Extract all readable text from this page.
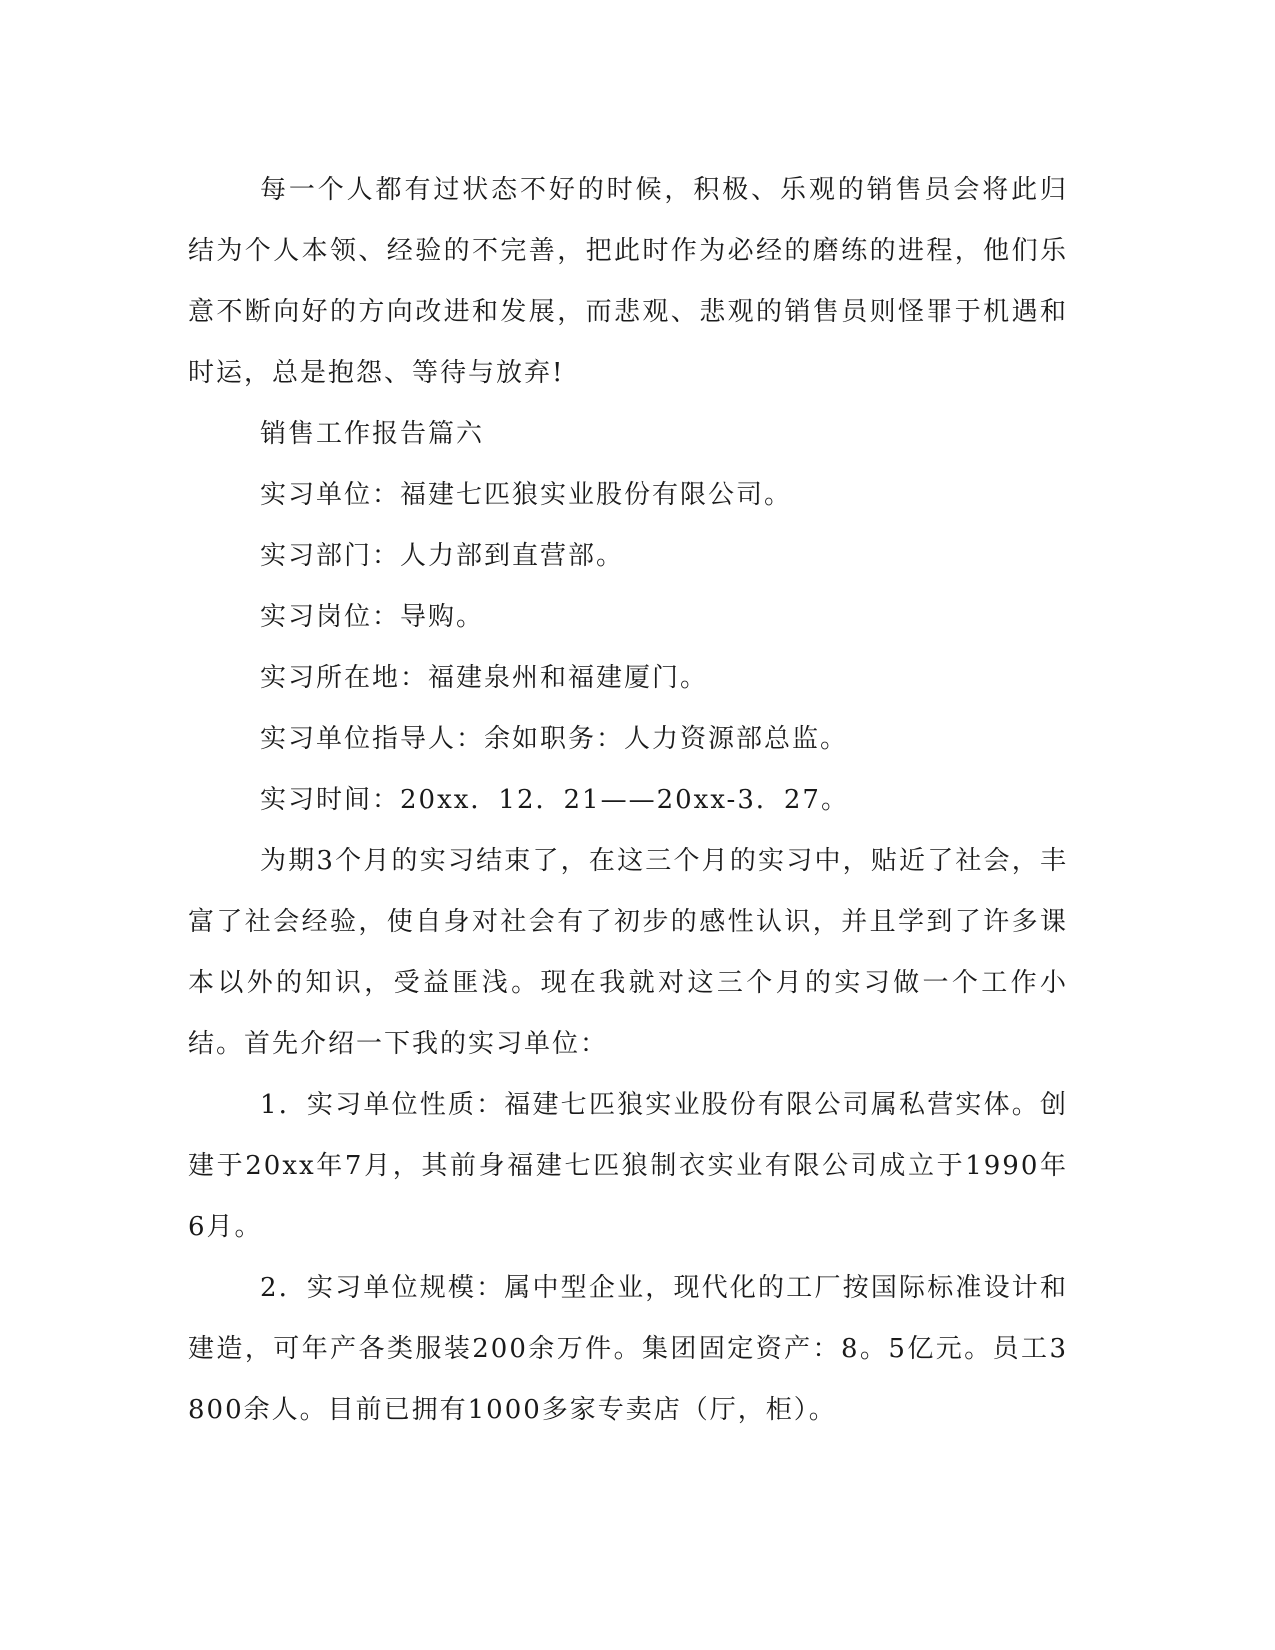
每一个人都有过状态不好的时候，积极、乐观的销售员会将此归结为个人本领、经验的不完善，把此时作为必经的磨练的进程，他们乐意不断向好的方向改进和发展，而悲观、悲观的销售员则怪罪于机遇和时运，总是抱怨、等待与放弃!

销售工作报告篇六

实习单位：福建七匹狼实业股份有限公司。

实习部门：人力部到直营部。

实习岗位：导购。

实习所在地：福建泉州和福建厦门。

实习单位指导人：余如职务：人力资源部总监。

实习时间：20xx．12．21——20xx-3．27。

为期3个月的实习结束了，在这三个月的实习中，贴近了社会，丰富了社会经验，使自身对社会有了初步的感性认识，并且学到了许多课本以外的知识，受益匪浅。现在我就对这三个月的实习做一个工作小结。首先介绍一下我的实习单位：

1．实习单位性质：福建七匹狼实业股份有限公司属私营实体。创建于20xx年7月，其前身福建七匹狼制衣实业有限公司成立于1990年6月。

2．实习单位规模：属中型企业，现代化的工厂按国际标准设计和建造，可年产各类服装200余万件。集团固定资产：8。5亿元。员工3800余人。目前已拥有1000多家专卖店（厅，柜）。
